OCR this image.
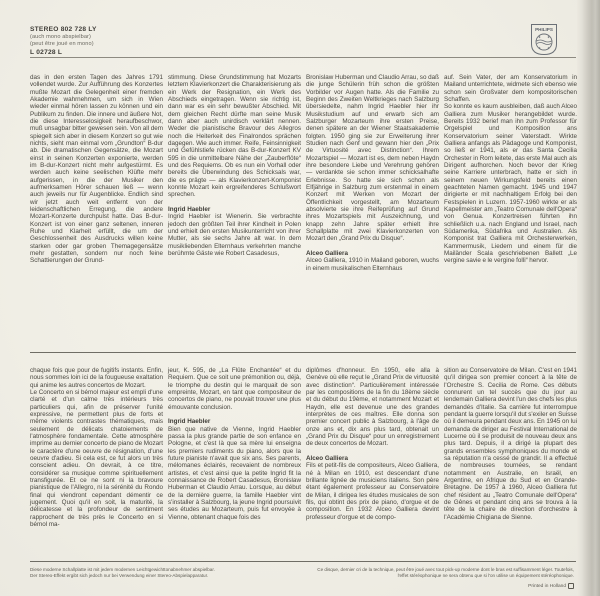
STEREO 802 728 LY
(auch mono abspielbar)
(peut être joué en mono)
L 02728 L
PHILIPS
✦ ✦
✦ ✦

das in den ersten Tagen des Jahres 1791 vollendet wurde. Zur Aufführung des Konzertes mußte Mozart die Gelegenheit einer fremden Akademie wahrnehmen, um sich in Wien wieder einmal hören lassen zu können und ein Publikum zu finden. Die innere und äußere Not, die diese Interesselosigkeit heraufbeschwor, muß unsagbar bitter gewesen sein. Von all dem spiegelt sich aber in diesem Konzert so gut wie nichts, sieht man einmal vom „Grundton“ B-dur ab. Die dramatischen Gegensätze, die Mozart einst in seinen Konzerten exponierte, werden im B-dur-Konzert nicht mehr aufgestürmt. Es werden auch keine seelischen Klüfte mehr aufgerissen, in die der Musiker den aufmerksamen Hörer schauen ließ — wenn auch jeweils nur für Augenblicke. Endlich sind wir jetzt auch weit entfernt von der leidenschaftlichen Erregung, die andere Mozart-Konzerte durchpulst hatte. Das B-dur-Konzert ist von einer ganz seltenen, inneren Ruhe und Klarheit erfüllt, die um der Geschlossenheit des Ausdrucks willen keine starken oder gar groben Themagegensätze mehr gestatten, sondern nur noch feine Schattierungen der Grund-

stimmung. Diese Grundstimmung hat Mozarts letztem Klavierkonzert die Charakterisierung als ein Werk der Resignation, ein Werk des Abschieds eingetragen. Wenn sie richtig ist, dann war es ein sehr bewußter Abschied. Mit dem gleichen Recht dürfte man seine Musik dann aber auch unirdisch verklärt nennen. Weder die pianistische Bravour des Allegros noch die Heiterkeit des Finalrondos sprächen dagegen. Wie auch immer. Reife, Feinsinnigkeit und Gefühlstiefe rücken das B-dur-Konzert KV 595 in die unmittelbare Nähe der „Zauberflöte“ und des Requiems. Ob es nun ein Vorhall oder bereits die Überwindung des Schicksals war, die es prägte — als Klavierkonzert-Komponist konnte Mozart kein ergreifenderes Schlußwort sprechen.

Ingrid Haebler

Ingrid Haebler ist Wienerin. Sie verbrachte jedoch den größten Teil ihrer Kindheit in Polen und erhielt den ersten Musikunterricht von ihrer Mutter, als sie sechs Jahre alt war. In dem musikliebenden Elternhaus verkehrten manche berühmte Gäste wie Robert Casadesus,

Bronislaw Huberman und Claudio Arrau, so daß die junge Schülerin früh schon die größten Vorbilder vor Augen hatte. Als die Familie zu Beginn des Zweiten Weltkrieges nach Salzburg übersiedelte, nahm Ingrid Haebler hier ihr Musikstudium auf und erwarb sich am Salzburger Mozarteum ihre ersten Preise, denen spätere an der Wiener Staatsakademie folgten. 1950 ging sie zur Erweiterung ihrer Studien nach Genf und gewann hier den „Prix de Virtuosité avec Distinction“. Ihrem Mozartspiel — Mozart ist es, dem neben Haydn ihre besondere Liebe und Verehrung gehören — verdankte sie schon immer schicksalhafte Erlebnisse. So hatte sie sich schon als Elfjährige in Salzburg zum erstenmal in einem Konzert mit Werken von Mozart der Öffentlichkeit vorgestellt, am Mozarteum absolvierte sie ihre Reifeprüfung auf Grund ihres Mozartspiels mit Auszeichnung, und knapp zehn Jahre später erhielt ihre Schallplatte mit zwei Klavierkonzerten von Mozart den „Grand Prix du Disque“.

Alceo Galliera

Alceo Galliera, 1910 in Mailand geboren, wuchs in einem musikalischen Elternhaus

auf. Sein Vater, der am Konservatorium in Mailand unterrichtete, widmete sich ebenso wie schon sein Großvater dem kompositorischen Schaffen.

So konnte es kaum ausbleiben, daß auch Alceo Galliera zum Musiker herangebildet wurde. Bereits 1932 berief man ihn zum Professor für Orgelspiel und Komposition ans Konservatorium seiner Vaterstadt. Wirkte Galliera anfangs als Pädagoge und Komponist, so ließ er 1941, als er das Santa Cecilia Orchester in Rom leitete, das erste Mal auch als Dirigent aufhorchen. Noch bevor der Krieg seine Karriere unterbrach, hatte er sich in seinem neuen Wirkungsfeld bereits einen geachteten Namen gemacht. 1945 und 1947 dirigierte er mit nachhaltigem Erfolg bei den Festspielen in Luzern. 1957-1960 wirkte er als Kapellmeister am „Teatro Comunale dell'Opera“ von Genua. Konzertreisen führten ihn schließlich u.a. nach England und Israel, nach Südamerika, Südafrika und Australien. Als Komponist trat Galliera mit Orchesterwerken, Kammermusik, Liedern und einem für die Mailänder Scala geschriebenen Ballett „Le vergine savie e le vergine folli“ hervor.

chaque fois que pour de fugitifs instants. Enfin, nous sommes loin ici de la fougueuse exaltation qui anime les autres concertos de Mozart.

Le Concerto en si bémol majeur est empli d'une clarté et d'un calme très intérieurs très particuliers qui, afin de préserver l'unité expressive, ne permettent plus de forts et même violents contrastes thématiques, mais seulement de délicats chatoiements de l'atmosphère fondamentale. Cette atmosphère imprime au dernier concerto de piano de Mozart le caractère d'une oeuvre de résignation, d'une oeuvre d'adieu. Si cela est, ce fut alors un très conscient adieu. On devrait, à ce titre, considérer sa musique comme spirituellement transfigurée. Et ce ne sont ni la bravoure pianistique de l'Allegro, ni la sérénité du Rondo final qui viendront cependant démentir ce jugement. Quoi qu'il en soit, la maturité, la délicatesse et la profondeur de sentiment rapprochent de très près le Concerto en si bémol ma-

jeur, K. 595, de „La Flûte Enchantée“ et du Requiem. Que ce soit une prémonition ou, déjà, le triomphe du destin qui le marquait de son empreinte, Mozart, en tant que compositeur de concertos de piano, ne pouvait trouver une plus émouvante conclusion.

Ingrid Haebler

Bien que native de Vienne, Ingrid Haebler passa la plus grande partie de son enfance en Pologne, et c'est là que sa mère lui enseigna les premiers rudiments du piano, alors que la future pianiste n'avait que six ans. Ses parents, mélomanes éclairés, recevaient de nombreux artistes, et c'est ainsi que la petite Ingrid fit la connaissance de Robert Casadesus, Bronislaw Huberman et Claudio Arrau. Lorsque, au début de la dernière guerre, la famille Haebler vint s'installer à Salzbourg, la jeune Ingrid poursuivit ses études au Mozarteum, puis fut envoyée à Vienne, obtenant chaque fois des

diplômes d'honneur. En 1950, elle alla à Genève où elle reçut le „Grand Prix de virtuosité avec distinction“. Particulièrement intéressée par les compositions de la fin du 18ème siècle et du début du 19ème, et notamment Mozart et Haydn, elle est devenue une des grandes interprètes de ces maîtres. Elle donna son premier concert public à Salzbourg, à l'âge de onze ans et, dix ans plus tard, obtenait un „Grand Prix du Disque“ pour un enregistrement de deux concertos de Mozart.

Alceo Galliera

Fils et petit-fils de compositeurs, Alceo Galliera, né à Milan en 1910, est descendant d'une brillante lignée de musiciens italiens. Son père étant également professeur au Conservatoire de Milan, il dirigea les études musicales de son fils, qui obtint des prix de piano, d'orgue et de composition. En 1932 Alceo Galliera devint professeur d'orgue et de compo-

sition au Conservatoire de Milan. C'est en 1941 qu'il dirigea son premier concert à la tête de l'Orchestre S. Cecilia de Rome. Ces débuts connurent un tel succès que du jour au lendemain Galliera devint l'un des chefs les plus demandés d'Italie. Sa carrière fut interrompue pendant la guerre lorsqu'il dut s'exiler en Suisse où il demeura pendant deux ans. En 1945 on lui demanda de diriger au Festival International de Lucerne où il se produisit de nouveau deux ans plus tard. Depuis, il a dirigé la plupart des grands ensembles symphoniques du monde et sa réputation n'a cessé de grandir. Il a effectué de nombreuses tournées, se rendant notamment en Australie, en Israël, en Argentine, en Afrique du Sud et en Grande-Bretagne. De 1957 à 1960, Alceo Galliera fut chef résident au „Teatro Comunale dell'Opera“ de Gênes et pendant cinq ans se trouva à la tête de la chaire de direction d'orchestre à l'Académie Chigiana de Sienne.

Diese moderne Schallplatte ist mit jedem modernen Leichtgewichttonabnehmer abspielbar.
Der Stereo-Effekt ergibt sich jedoch nur bei Verwendung einer Stereo-Abspielapparatur.
Ce disque, dernier cri de la technique, peut être joué avec tout pick-up moderne dont le bras est suffisamment léger. Toutefois,
l'effet stéréophonique ne sera obtenu que si l'on utilise un équipement stéréophonique.
Printed in Holland
